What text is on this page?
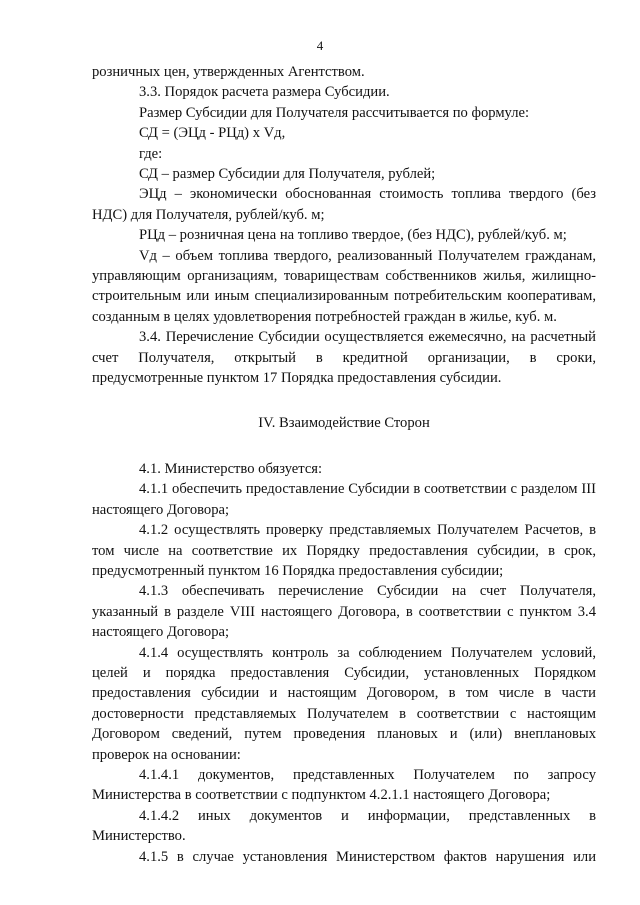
4

розничных цен, утвержденных Агентством.

3.3. Порядок расчета размера Субсидии.

Размер Субсидии для Получателя рассчитывается по формуле:

СД = (ЭЦд - РЦд) х Vд,

где:

СД – размер Субсидии для Получателя, рублей;

ЭЦд – экономически обоснованная стоимость топлива твердого (без НДС) для Получателя, рублей/куб. м;

РЦд – розничная цена на топливо твердое, (без НДС), рублей/куб. м;

Vд – объем топлива твердого, реализованный Получателем гражданам, управляющим организациям, товариществам собственников жилья, жилищно-строительным или иным специализированным потребительским кооперативам, созданным в целях удовлетворения потребностей граждан в жилье, куб. м.

3.4. Перечисление Субсидии осуществляется ежемесячно, на расчетный счет Получателя, открытый в кредитной организации, в сроки, предусмотренные пунктом 17 Порядка предоставления субсидии.

IV. Взаимодействие Сторон

4.1. Министерство обязуется:

4.1.1 обеспечить предоставление Субсидии в соответствии с разделом III настоящего Договора;

4.1.2 осуществлять проверку представляемых Получателем Расчетов, в том числе на соответствие их Порядку предоставления субсидии, в срок, предусмотренный пунктом 16 Порядка предоставления субсидии;

4.1.3 обеспечивать перечисление Субсидии на счет Получателя, указанный в разделе VIII настоящего Договора, в соответствии с пунктом 3.4 настоящего Договора;

4.1.4 осуществлять контроль за соблюдением Получателем условий, целей и порядка предоставления Субсидии, установленных Порядком предоставления субсидии и настоящим Договором, в том числе в части достоверности представляемых Получателем в соответствии с настоящим Договором сведений, путем проведения плановых и (или) внеплановых проверок на основании:

4.1.4.1 документов, представленных Получателем по запросу Министерства в соответствии с подпунктом 4.2.1.1 настоящего Договора;

4.1.4.2 иных документов и информации, представленных в Министерство.

4.1.5 в случае установления Министерством фактов нарушения или
